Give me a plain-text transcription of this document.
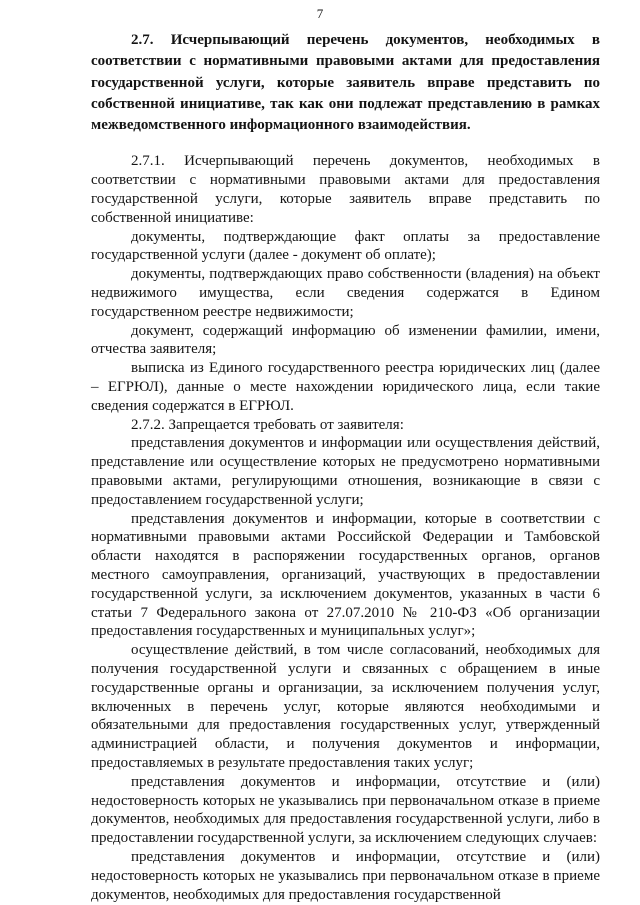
7

2.7. Исчерпывающий перечень документов, необходимых в соответствии с нормативными правовыми актами для предоставления государственной услуги, которые заявитель вправе представить по собственной инициативе, так как они подлежат представлению в рамках межведомственного информационного взаимодействия.

2.7.1. Исчерпывающий перечень документов, необходимых в соответствии с нормативными правовыми актами для предоставления государственной услуги, которые заявитель вправе представить по собственной инициативе:

документы, подтверждающие факт оплаты за предоставление государственной услуги (далее - документ об оплате);

документы, подтверждающих право собственности (владения) на объект недвижимого имущества, если сведения содержатся в Едином государственном реестре недвижимости;

документ, содержащий информацию об изменении фамилии, имени, отчества заявителя;

выписка из Единого государственного реестра юридических лиц (далее – ЕГРЮЛ), данные о месте нахождении юридического лица, если такие сведения содержатся в ЕГРЮЛ.

2.7.2. Запрещается требовать от заявителя:

представления документов и информации или осуществления действий, представление или осуществление которых не предусмотрено нормативными правовыми актами, регулирующими отношения, возникающие в связи с предоставлением государственной услуги;

представления документов и информации, которые в соответствии с нормативными правовыми актами Российской Федерации и Тамбовской области находятся в распоряжении государственных органов, органов местного самоуправления, организаций, участвующих в предоставлении государственной услуги, за исключением документов, указанных в части 6 статьи 7 Федерального закона от 27.07.2010 № 210-ФЗ «Об организации предоставления государственных и муниципальных услуг»;

осуществление действий, в том числе согласований, необходимых для получения государственной услуги и связанных с обращением в иные государственные органы и организации, за исключением получения услуг, включенных в перечень услуг, которые являются необходимыми и обязательными для предоставления государственных услуг, утвержденный администрацией области, и получения документов и информации, предоставляемых в результате предоставления таких услуг;

представления документов и информации, отсутствие и (или) недостоверность которых не указывались при первоначальном отказе в приеме документов, необходимых для предоставления государственной услуги, либо в предоставлении государственной услуги, за исключением следующих случаев:

представления документов и информации, отсутствие и (или) недостоверность которых не указывались при первоначальном отказе в приеме документов, необходимых для предоставления государственной
